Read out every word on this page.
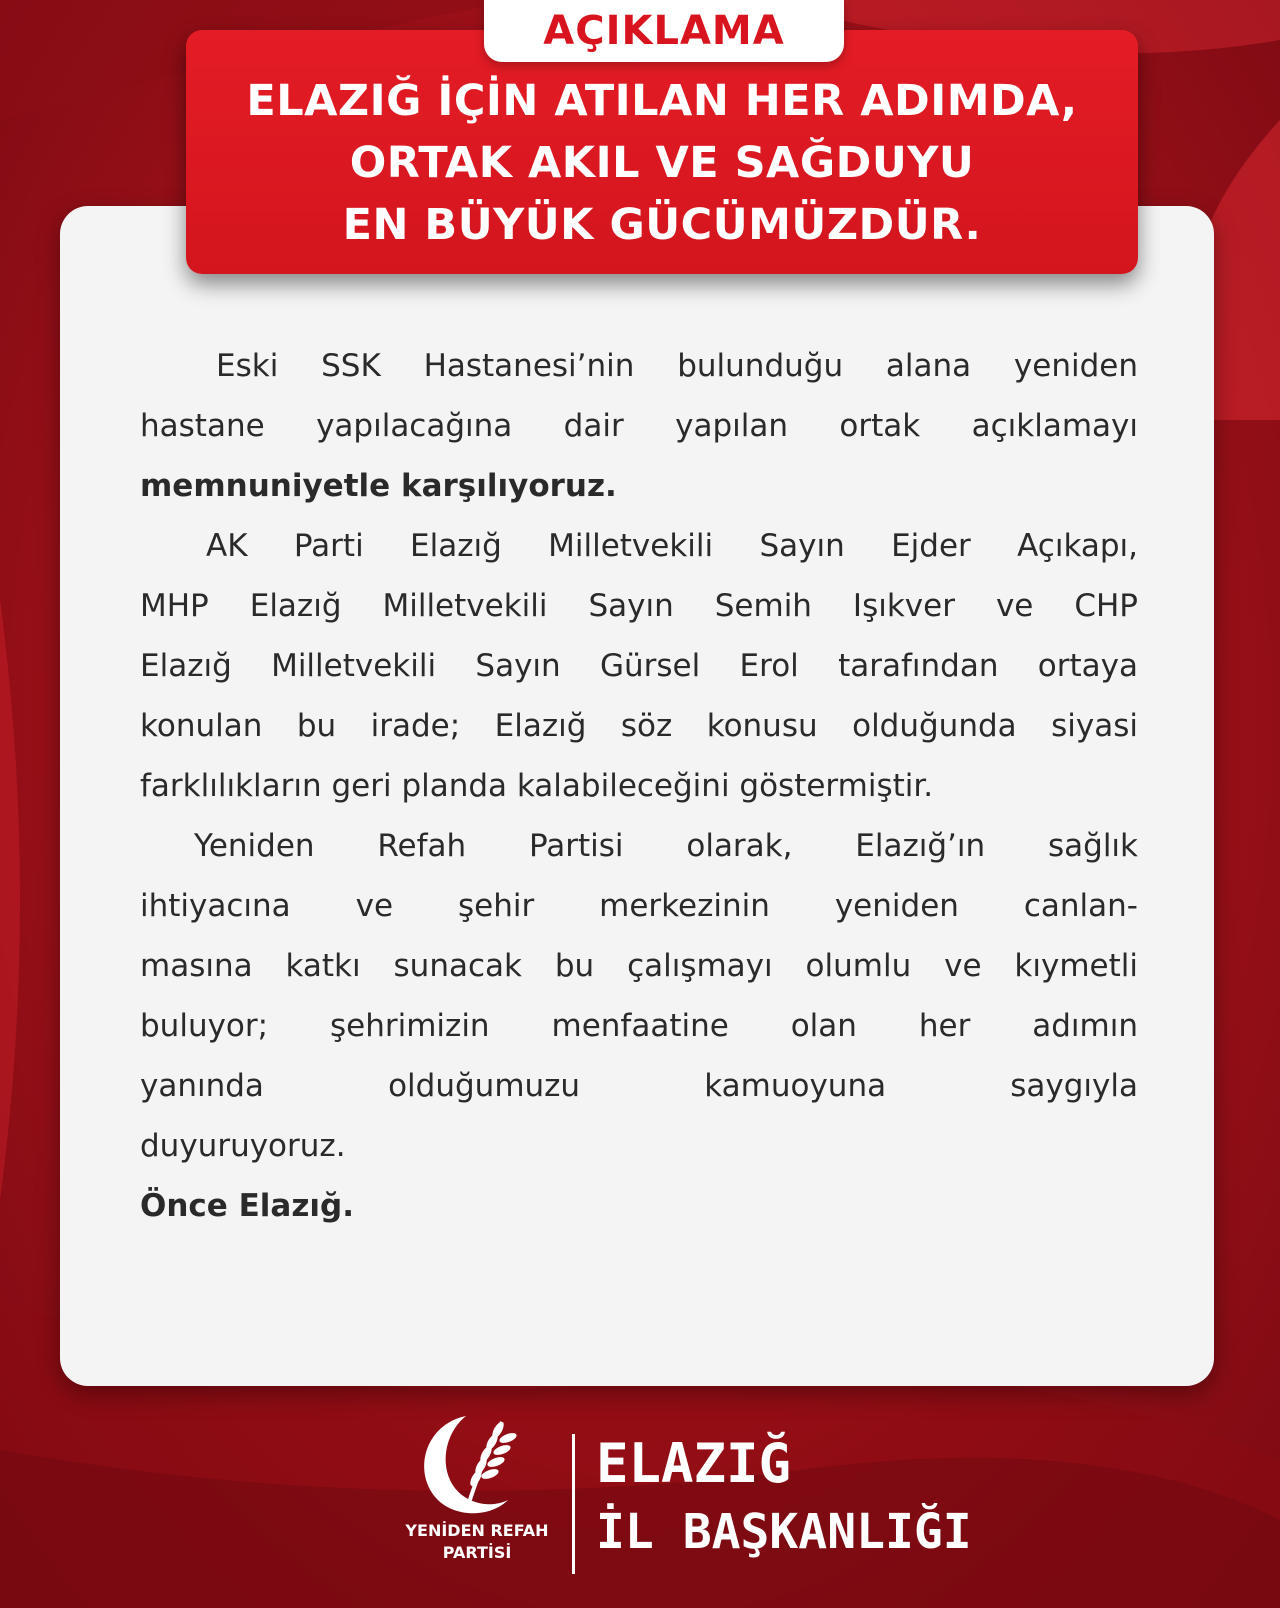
AÇIKLAMA
ELAZIĞ İÇİN ATILAN HER ADIMDA,
ORTAK AKIL VE SAĞDUYU
EN BÜYÜK GÜCÜMÜZDÜR.
Eski SSK Hastanesi’nin bulunduğu alana yeniden
hastane yapılacağına dair yapılan ortak açıklamayı
memnuniyetle karşılıyoruz.
AK Parti Elazığ Milletvekili Sayın Ejder Açıkapı,
MHP Elazığ Milletvekili Sayın Semih Işıkver ve CHP
Elazığ Milletvekili Sayın Gürsel Erol tarafından ortaya
konulan bu irade; Elazığ söz konusu olduğunda siyasi
farklılıkların geri planda kalabileceğini göstermiştir.
Yeniden Refah Partisi olarak, Elazığ’ın sağlık
ihtiyacına ve şehir merkezinin yeniden canlan-
masına katkı sunacak bu çalışmayı olumlu ve kıymetli
buluyor; şehrimizin menfaatine olan her adımın
yanında olduğumuzu kamuoyuna saygıyla
duyuruyoruz.
Önce Elazığ.
YENİDEN REFAH
PARTİSİ
ELAZIĞ
İL BAŞKANLIĞI
